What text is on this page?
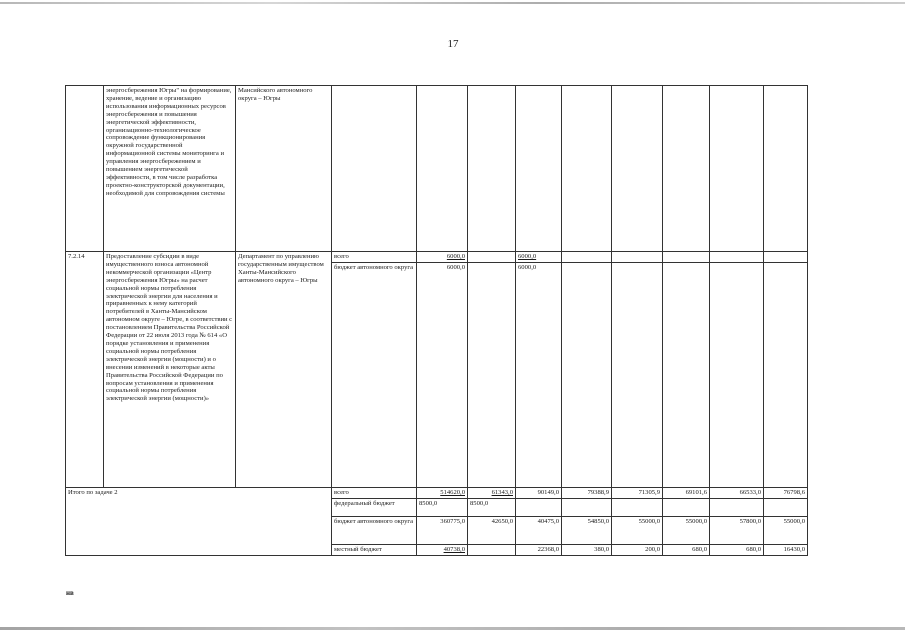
17
	энергосбережения Югры" на формирование, хранение, ведение и организацию использования информационных ресурсов энергосбережения и повышения энергетической эффективности, организационно-технологическое сопровождение функционирования окружной государственной информационной системы мониторинга и управления энергосбережением и повышением энергетической эффективности, в том числе разработка проектно-конструкторской документации, необходимой для сопровождения системы	Мансийского автономного округа – Югры									
7.2.14	Предоставление субсидии в виде имущественного взноса автономной некоммерческой организации «Центр энергосбережения Югры» на расчет социальной нормы потребления электрической энергии для населения и приравненных к нему категорий потребителей в Ханты-Мансийском автономном округе – Югре, в соответствии с постановлением Правительства Российской Федерации от 22 июля 2013 года № 614 «О порядке установления и применения социальной нормы потребления электрической энергии (мощности) и о внесении изменений в некоторые акты Правительства Российской Федерации по вопросам установления и применения социальной нормы потребления электрической энергии (мощности)»	Департамент по управлению государственным имуществом Ханты-Мансийского автономного округа – Югры	всего	6000,0		6000,0					
			бюджет автономного округа	6000,0		6000,0					
Итого по задаче 2			всего	514620,0	61343,0	90149,0	79388,9	71305,9	69101,6	66533,0	76798,6
			федеральный бюджет	8500,0	8500,0						
			бюджет автономного округа	360775,0	42650,0	40475,0	54850,0	55000,0	55000,0	57800,0	55000,0
			местный бюджет	40738,0		22368,0	380,0	200,0	680,0	680,0	16430,0
нв
